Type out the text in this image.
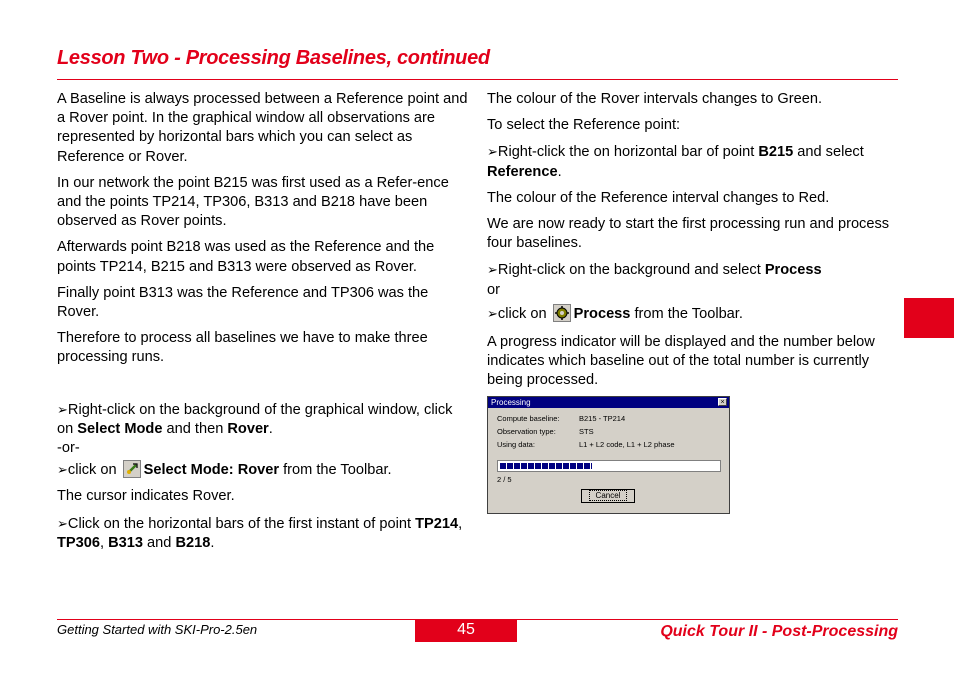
Lesson Two - Processing Baselines, continued

A Baseline is always processed between a Reference point and a Rover point. In the graphical window all observations are represented by horizontal bars which you can select as Reference or Rover.

In our network the point B215 was first used as a Refer-ence and the points TP214, TP306, B313 and B218 have been observed as Rover points.

Afterwards point B218 was used as the Reference and the points TP214, B215 and B313 were observed as Rover.

Finally point B313 was the Reference and TP306 was the Rover.

Therefore to process all baselines we have to make three processing runs.

➢Right-click on the background of the graphical window, click on Select Mode and then Rover.

-or-

➢click on
Select Mode: Rover from the Toolbar.

The cursor indicates Rover.

➢Click on the horizontal bars of the first instant of point TP214, TP306, B313 and B218.

The colour of the Rover intervals changes to Green.

To select the Reference point:

➢Right-click the on horizontal bar of point B215 and select Reference.

The colour of the Reference interval changes to Red.

We are now ready to start the first processing run and process four baselines.

➢Right-click on the background and select Process

or

➢click on
Process from the Toolbar.

A progress indicator will be displayed and the number below indicates which baseline out of the total number is currently being processed.

Processing	×
Compute baseline:	B215 - TP214
Observation type:	STS
Using data:	L1 + L2 code, L1 + L2 phase
2 / 5
Cancel
Getting Started with SKI-Pro-2.5en	45	Quick Tour II - Post-Processing
